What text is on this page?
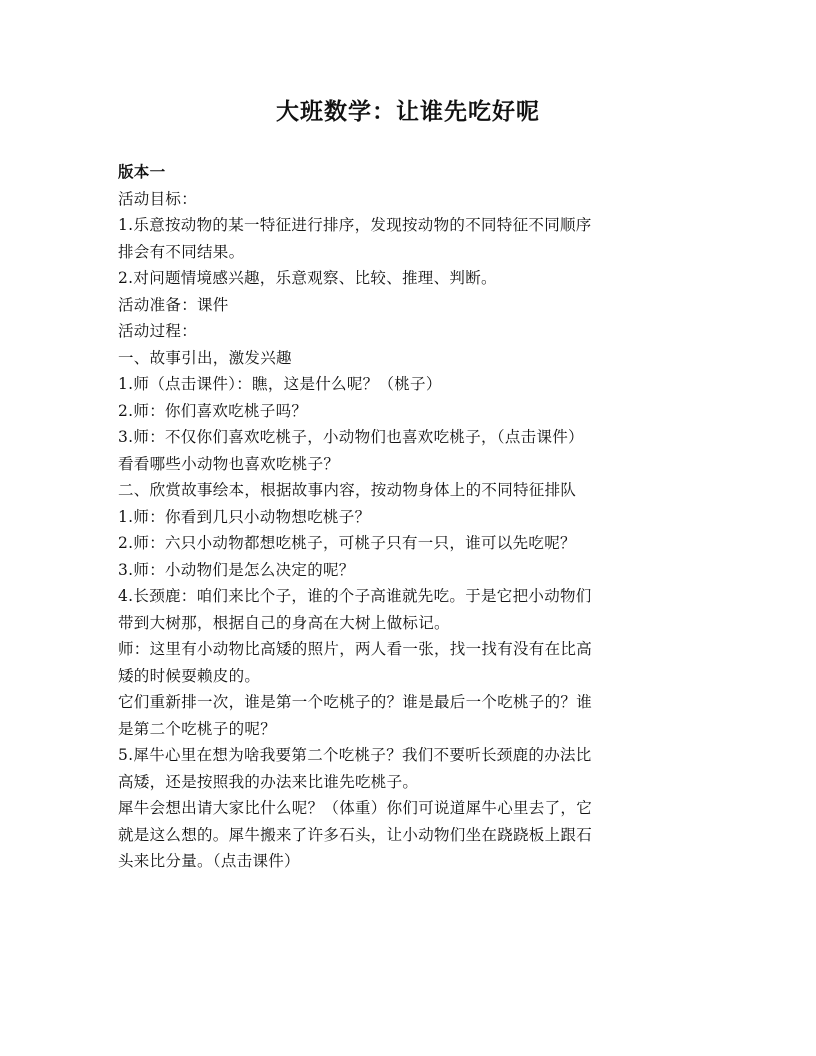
大班数学：让谁先吃好呢

版本一

活动目标：

1.乐意按动物的某一特征进行排序，发现按动物的不同特征不同顺序

排会有不同结果。

2.对问题情境感兴趣，乐意观察、比较、推理、判断。

活动准备：课件

活动过程：

一、故事引出，激发兴趣

1.师（点击课件）：瞧，这是什么呢？（桃子）

2.师：你们喜欢吃桃子吗？

3.师：不仅你们喜欢吃桃子，小动物们也喜欢吃桃子，（点击课件）

看看哪些小动物也喜欢吃桃子？

二、欣赏故事绘本，根据故事内容，按动物身体上的不同特征排队

1.师：你看到几只小动物想吃桃子？

2.师：六只小动物都想吃桃子，可桃子只有一只，谁可以先吃呢？

3.师：小动物们是怎么决定的呢？

4.长颈鹿：咱们来比个子，谁的个子高谁就先吃。于是它把小动物们

带到大树那，根据自己的身高在大树上做标记。

师：这里有小动物比高矮的照片，两人看一张，找一找有没有在比高

矮的时候耍赖皮的。

它们重新排一次，谁是第一个吃桃子的？谁是最后一个吃桃子的？谁

是第二个吃桃子的呢？

5.犀牛心里在想为啥我要第二个吃桃子？我们不要听长颈鹿的办法比

高矮，还是按照我的办法来比谁先吃桃子。

犀牛会想出请大家比什么呢？（体重）你们可说道犀牛心里去了，它

就是这么想的。犀牛搬来了许多石头，让小动物们坐在跷跷板上跟石

头来比分量。（点击课件）
